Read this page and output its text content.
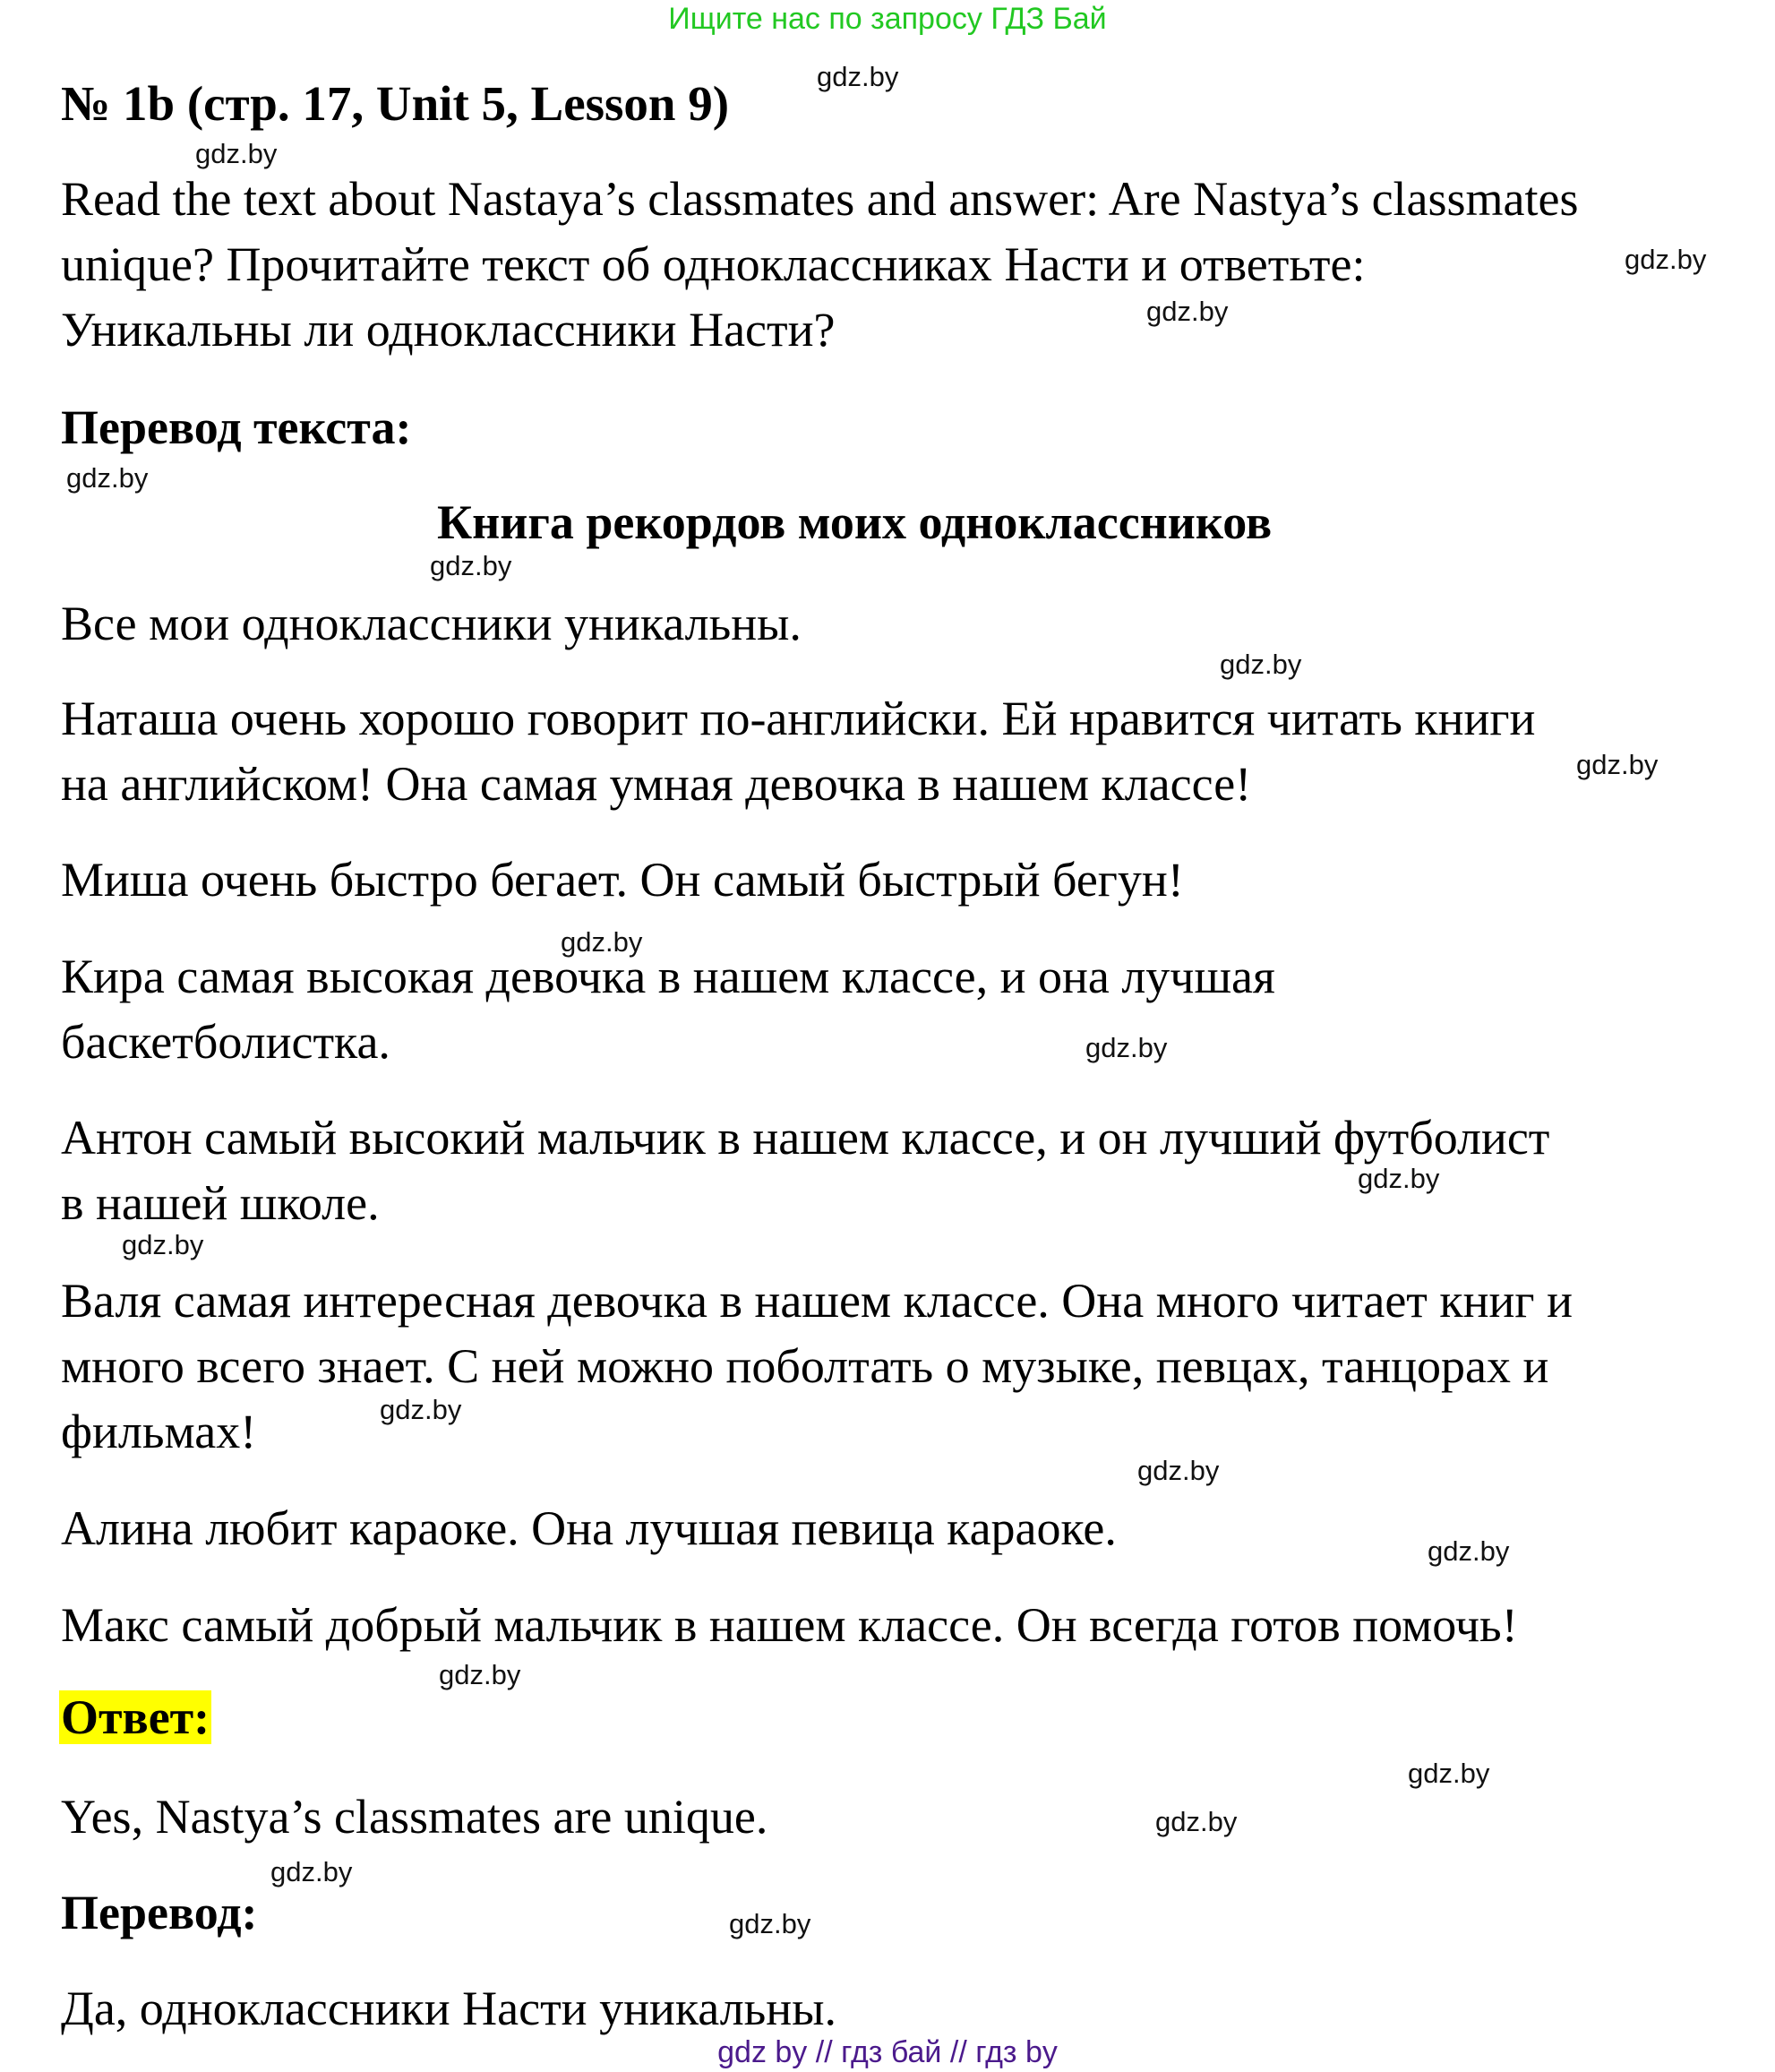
Ищите нас по запросу ГДЗ Бай
№ 1b (стр. 17, Unit 5, Lesson 9)
Read the text about Nastaya’s classmates and answer: Are Nastya’s classmates
unique? Прочитайте текст об одноклассниках Насти и ответьте:
Уникальны ли одноклассники Насти?
Перевод текста:
Книга рекордов моих одноклассников
Все мои одноклассники уникальны.
Наташа очень хорошо говорит по-английски. Ей нравится читать книги
на английском! Она самая умная девочка в нашем классе!
Миша очень быстро бегает. Он самый быстрый бегун!
Кира самая высокая девочка в нашем классе, и она лучшая
баскетболистка.
Антон самый высокий мальчик в нашем классе, и он лучший футболист
в нашей школе.
Валя самая интересная девочка в нашем классе. Она много читает книг и
много всего знает. С ней можно поболтать о музыке, певцах, танцорах и
фильмах!
Алина любит караоке. Она лучшая певица караоке.
Макс самый добрый мальчик в нашем классе. Он всегда готов помочь!
Ответ:
Yes, Nastya’s classmates are unique.
Перевод:
Да, одноклассники Насти уникальны.
gdz.by
gdz.by
gdz.by
gdz.by
gdz.by
gdz.by
gdz.by
gdz.by
gdz.by
gdz.by
gdz.by
gdz.by
gdz.by
gdz.by
gdz.by
gdz.by
gdz.by
gdz.by
gdz.by
gdz.by
gdz by // гдз бай // гдз by
